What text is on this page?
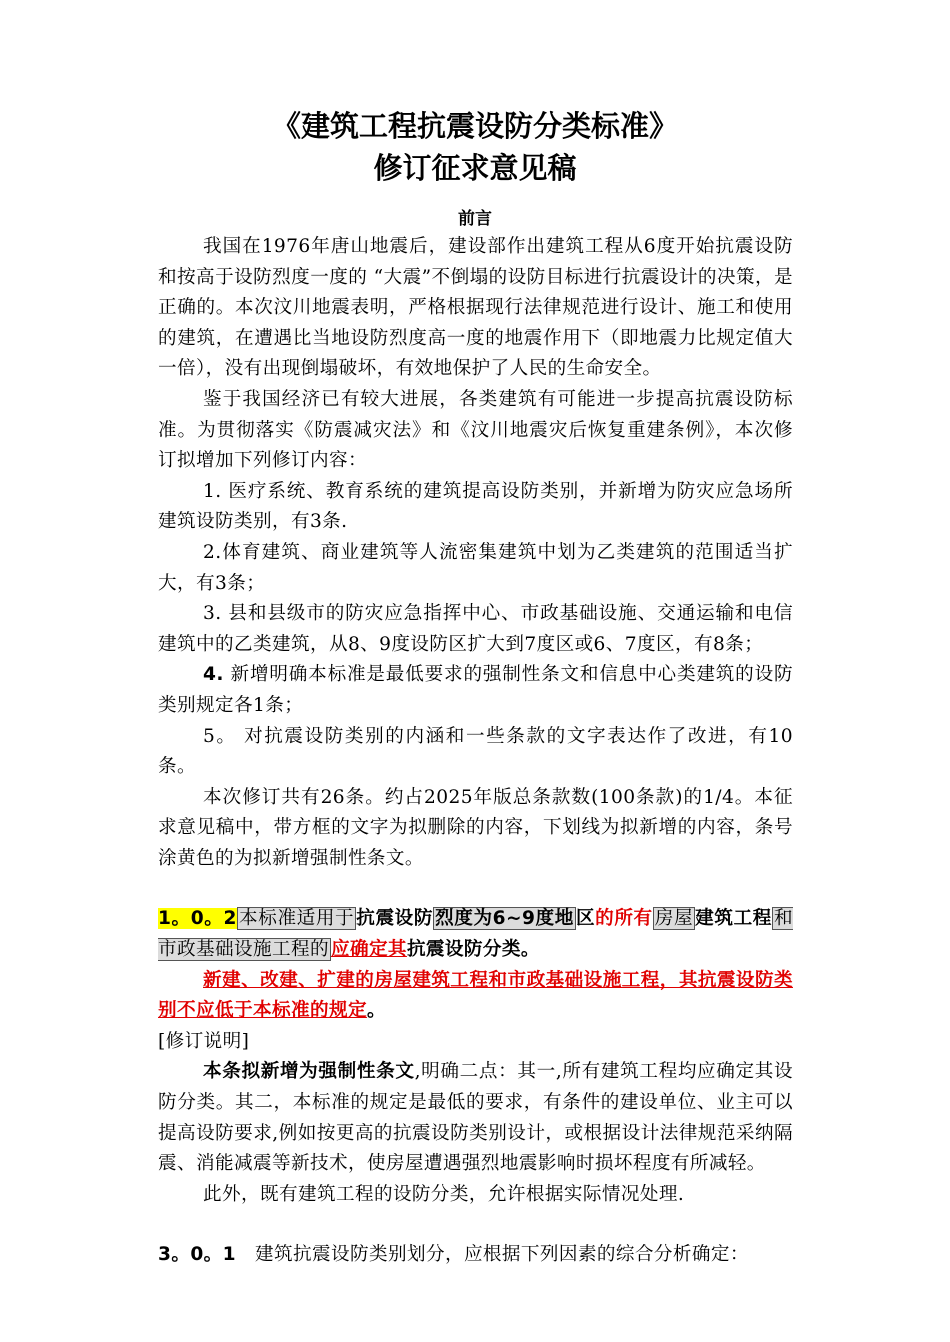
《建筑工程抗震设防分类标准》
修订征求意见稿
前言

我国在1976年唐山地震后，建设部作出建筑工程从6度开始抗震设防和按高于设防烈度一度的 “大震”不倒塌的设防目标进行抗震设计的决策，是正确的。本次汶川地震表明，严格根据现行法律规范进行设计、施工和使用的建筑，在遭遇比当地设防烈度高一度的地震作用下（即地震力比规定值大一倍），没有出现倒塌破坏，有效地保护了人民的生命安全。

鉴于我国经济已有较大进展，各类建筑有可能进一步提高抗震设防标准。为贯彻落实《防震减灾法》和《汶川地震灾后恢复重建条例》，本次修订拟增加下列修订内容：

1. 医疗系统、教育系统的建筑提高设防类别，并新增为防灾应急场所建筑设防类别，有3条.

2.体育建筑、商业建筑等人流密集建筑中划为乙类建筑的范围适当扩大，有3条；

3. 县和县级市的防灾应急指挥中心、市政基础设施、交通运输和电信建筑中的乙类建筑，从8、9度设防区扩大到7度区或6、7度区，有8条；

4. 新增明确本标准是最低要求的强制性条文和信息中心类建筑的设防类别规定各1条；

5。 对抗震设防类别的内涵和一些条款的文字表达作了改进，有10条。

本次修订共有26条。约占2025年版总条款数(100条款)的1/4。本征求意见稿中，带方框的文字为拟删除的内容，下划线为拟新增的内容，条号涂黄色的为拟新增强制性条文。

1。0。2 本标准适用于 抗震设防 烈度为6~9度地 区的所有 房屋 建筑工程 和市政基础设施工程的 应确定其抗震设防分类。

新建、改建、扩建的房屋建筑工程和市政基础设施工程，其抗震设防类别不应低于本标准的规定。

[修订说明]

本条拟新增为强制性条文,明确二点：其一,所有建筑工程均应确定其设防分类。其二，本标准的规定是最低的要求，有条件的建设单位、业主可以提高设防要求,例如按更高的抗震设防类别设计，或根据设计法律规范采纳隔震、消能减震等新技术，使房屋遭遇强烈地震影响时损坏程度有所减轻。

此外，既有建筑工程的设防分类，允许根据实际情况处理.

3。0。1　建筑抗震设防类别划分，应根据下列因素的综合分析确定：
